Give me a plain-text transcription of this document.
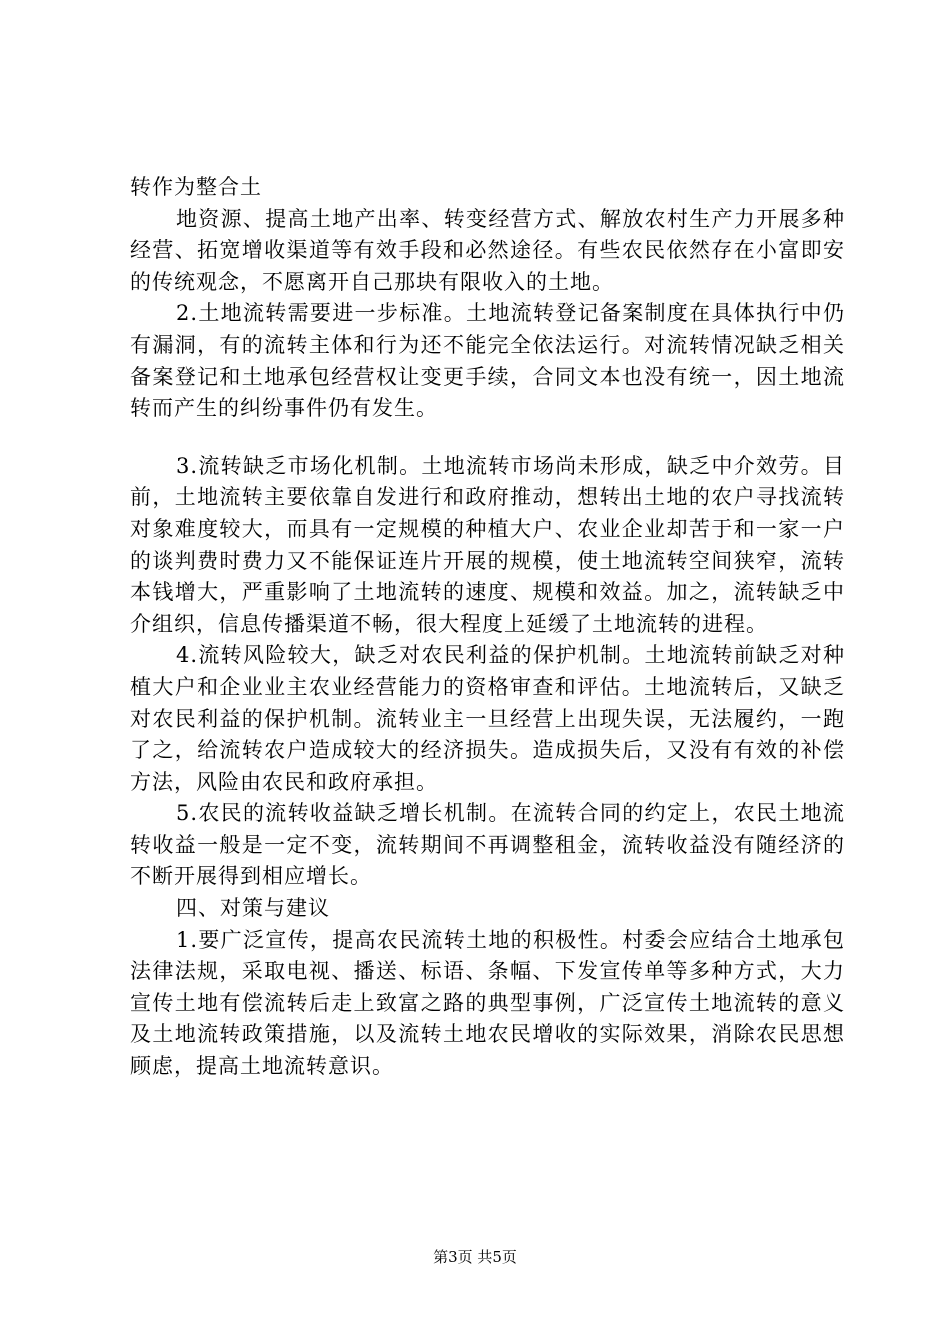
转作为整合土

地资源、提高土地产出率、转变经营方式、解放农村生产力开展多种经营、拓宽增收渠道等有效手段和必然途径。有些农民依然存在小富即安的传统观念，不愿离开自己那块有限收入的土地。

2.土地流转需要进一步标准。土地流转登记备案制度在具体执行中仍有漏洞，有的流转主体和行为还不能完全依法运行。对流转情况缺乏相关备案登记和土地承包经营权让变更手续，合同文本也没有统一，因土地流转而产生的纠纷事件仍有发生。

3.流转缺乏市场化机制。土地流转市场尚未形成，缺乏中介效劳。目前，土地流转主要依靠自发进行和政府推动，想转出土地的农户寻找流转对象难度较大，而具有一定规模的种植大户、农业企业却苦于和一家一户的谈判费时费力又不能保证连片开展的规模，使土地流转空间狭窄，流转本钱增大，严重影响了土地流转的速度、规模和效益。加之，流转缺乏中介组织，信息传播渠道不畅，很大程度上延缓了土地流转的进程。

4.流转风险较大，缺乏对农民利益的保护机制。土地流转前缺乏对种植大户和企业业主农业经营能力的资格审查和评估。土地流转后，又缺乏对农民利益的保护机制。流转业主一旦经营上出现失误，无法履约，一跑了之，给流转农户造成较大的经济损失。造成损失后，又没有有效的补偿方法，风险由农民和政府承担。

5.农民的流转收益缺乏增长机制。在流转合同的约定上，农民土地流转收益一般是一定不变，流转期间不再调整租金，流转收益没有随经济的不断开展得到相应增长。

四、对策与建议

1.要广泛宣传，提高农民流转土地的积极性。村委会应结合土地承包法律法规，采取电视、播送、标语、条幅、下发宣传单等多种方式，大力宣传土地有偿流转后走上致富之路的典型事例，广泛宣传土地流转的意义及土地流转政策措施，以及流转土地农民增收的实际效果，消除农民思想顾虑，提高土地流转意识。

第3页 共5页
